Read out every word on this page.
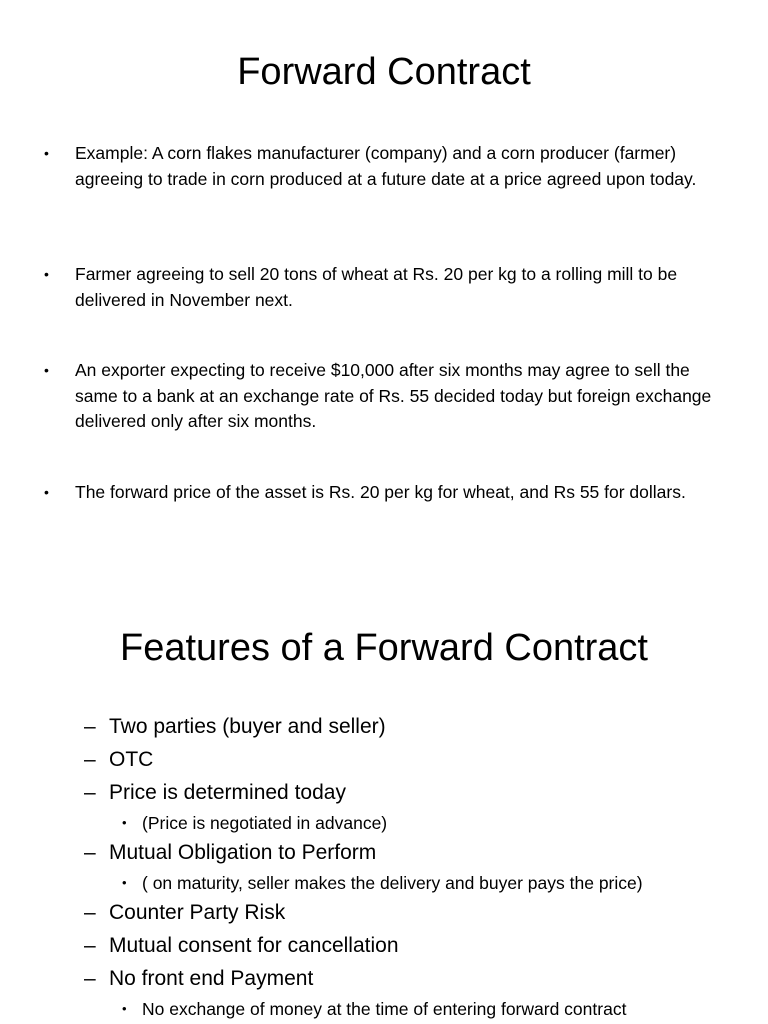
Forward Contract
• Example: A corn flakes manufacturer (company) and a corn producer (farmer) agreeing to trade in corn produced at a future date at a price agreed upon today.
• Farmer agreeing to sell 20 tons of wheat at Rs. 20 per kg to a rolling mill to be delivered in November next.
• An exporter expecting to receive $10,000 after six months may agree to sell the same to a bank at an exchange rate of Rs. 55 decided today but foreign exchange delivered only after six months.
• The forward price of the asset is Rs. 20 per kg for wheat, and Rs 55 for dollars.
Features of a Forward Contract
– Two parties (buyer and seller)
– OTC
– Price is determined today
• (Price is negotiated in advance)
– Mutual Obligation to Perform
• ( on maturity, seller makes the delivery and buyer pays the price)
– Counter Party Risk
– Mutual consent for cancellation
– No front end Payment
• No exchange of money at the time of entering forward contract
